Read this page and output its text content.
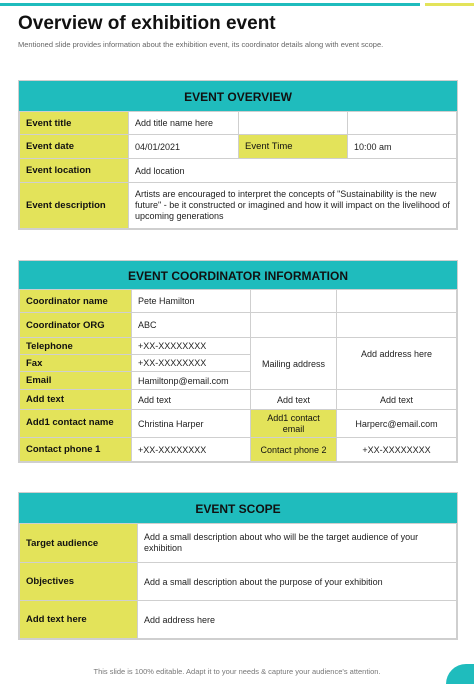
Overview of exhibition event

Mentioned slide provides information about the exhibition event, its coordinator details along with event scope.

EVENT OVERVIEW
Event title	Add title name here		
Event date	04/01/2021	Event Time	10:00 am
Event location	Add location		
Event description	Artists are encouraged to interpret the concepts of "Sustainability is the new future" - be it constructed or imagined and how it will impact on the livelihood of upcoming generations		
EVENT COORDINATOR INFORMATION
Coordinator name	Pete Hamilton		
Coordinator ORG	ABC		
Telephone	+XX-XXXXXXXX	Mailing address	Add address here
Fax	+XX-XXXXXXXX		
Email	Hamiltonp@email.com		
Add text	Add text	Add text	Add text
Add1 contact name	Christina Harper	Add1 contact email	Harperc@email.com
Contact phone 1	+XX-XXXXXXXX	Contact phone 2	+XX-XXXXXXXX
EVENT SCOPE
Target audience	Add a small description about who will be the target audience of your exhibition
Objectives	Add a small description about the purpose of your exhibition
Add text here	Add address here
This slide is 100% editable. Adapt it to your needs & capture your audience's attention.
